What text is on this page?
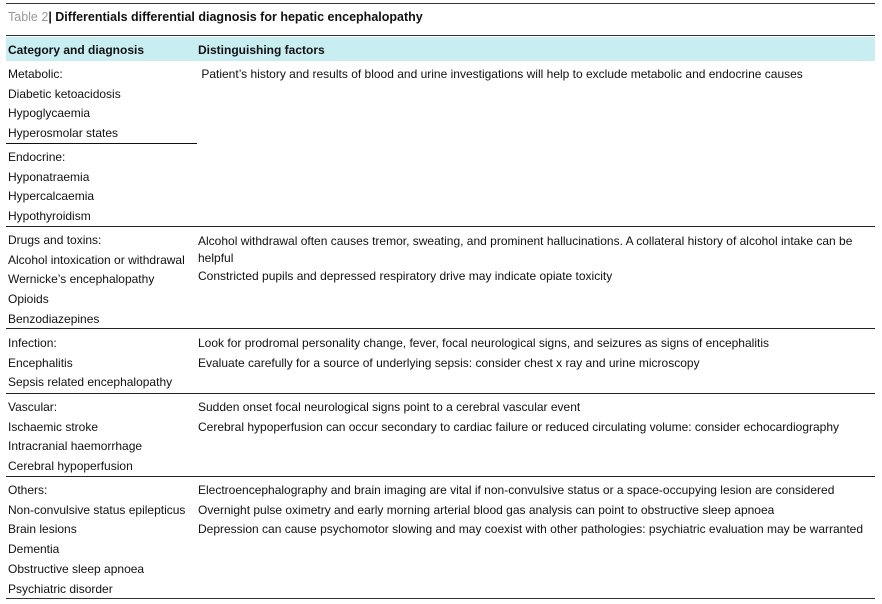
Table 2| Differentials differential diagnosis for hepatic encephalopathy
Category and diagnosis	Distinguishing factors
Metabolic:
Diabetic ketoacidosis
Hypoglycaemia
Hyperosmolar states
Patient’s history and results of blood and urine investigations will help to exclude metabolic and endocrine causes
Endocrine:
Hyponatraemia
Hypercalcaemia
Hypothyroidism
Drugs and toxins:
Alcohol intoxication or withdrawal
Wernicke’s encephalopathy
Opioids
Benzodiazepines
Alcohol withdrawal often causes tremor, sweating, and prominent hallucinations. A collateral history of alcohol intake can be helpful
Constricted pupils and depressed respiratory drive may indicate opiate toxicity
Infection:
Encephalitis
Sepsis related encephalopathy
Look for prodromal personality change, fever, focal neurological signs, and seizures as signs of encephalitis
Evaluate carefully for a source of underlying sepsis: consider chest x ray and urine microscopy
Vascular:
Ischaemic stroke
Intracranial haemorrhage
Cerebral hypoperfusion
Sudden onset focal neurological signs point to a cerebral vascular event
Cerebral hypoperfusion can occur secondary to cardiac failure or reduced circulating volume: consider echocardiography
Others:
Non-convulsive status epilepticus
Brain lesions
Dementia
Obstructive sleep apnoea
Psychiatric disorder
Electroencephalography and brain imaging are vital if non-convulsive status or a space-occupying lesion are considered
Overnight pulse oximetry and early morning arterial blood gas analysis can point to obstructive sleep apnoea
Depression can cause psychomotor slowing and may coexist with other pathologies: psychiatric evaluation may be warranted
